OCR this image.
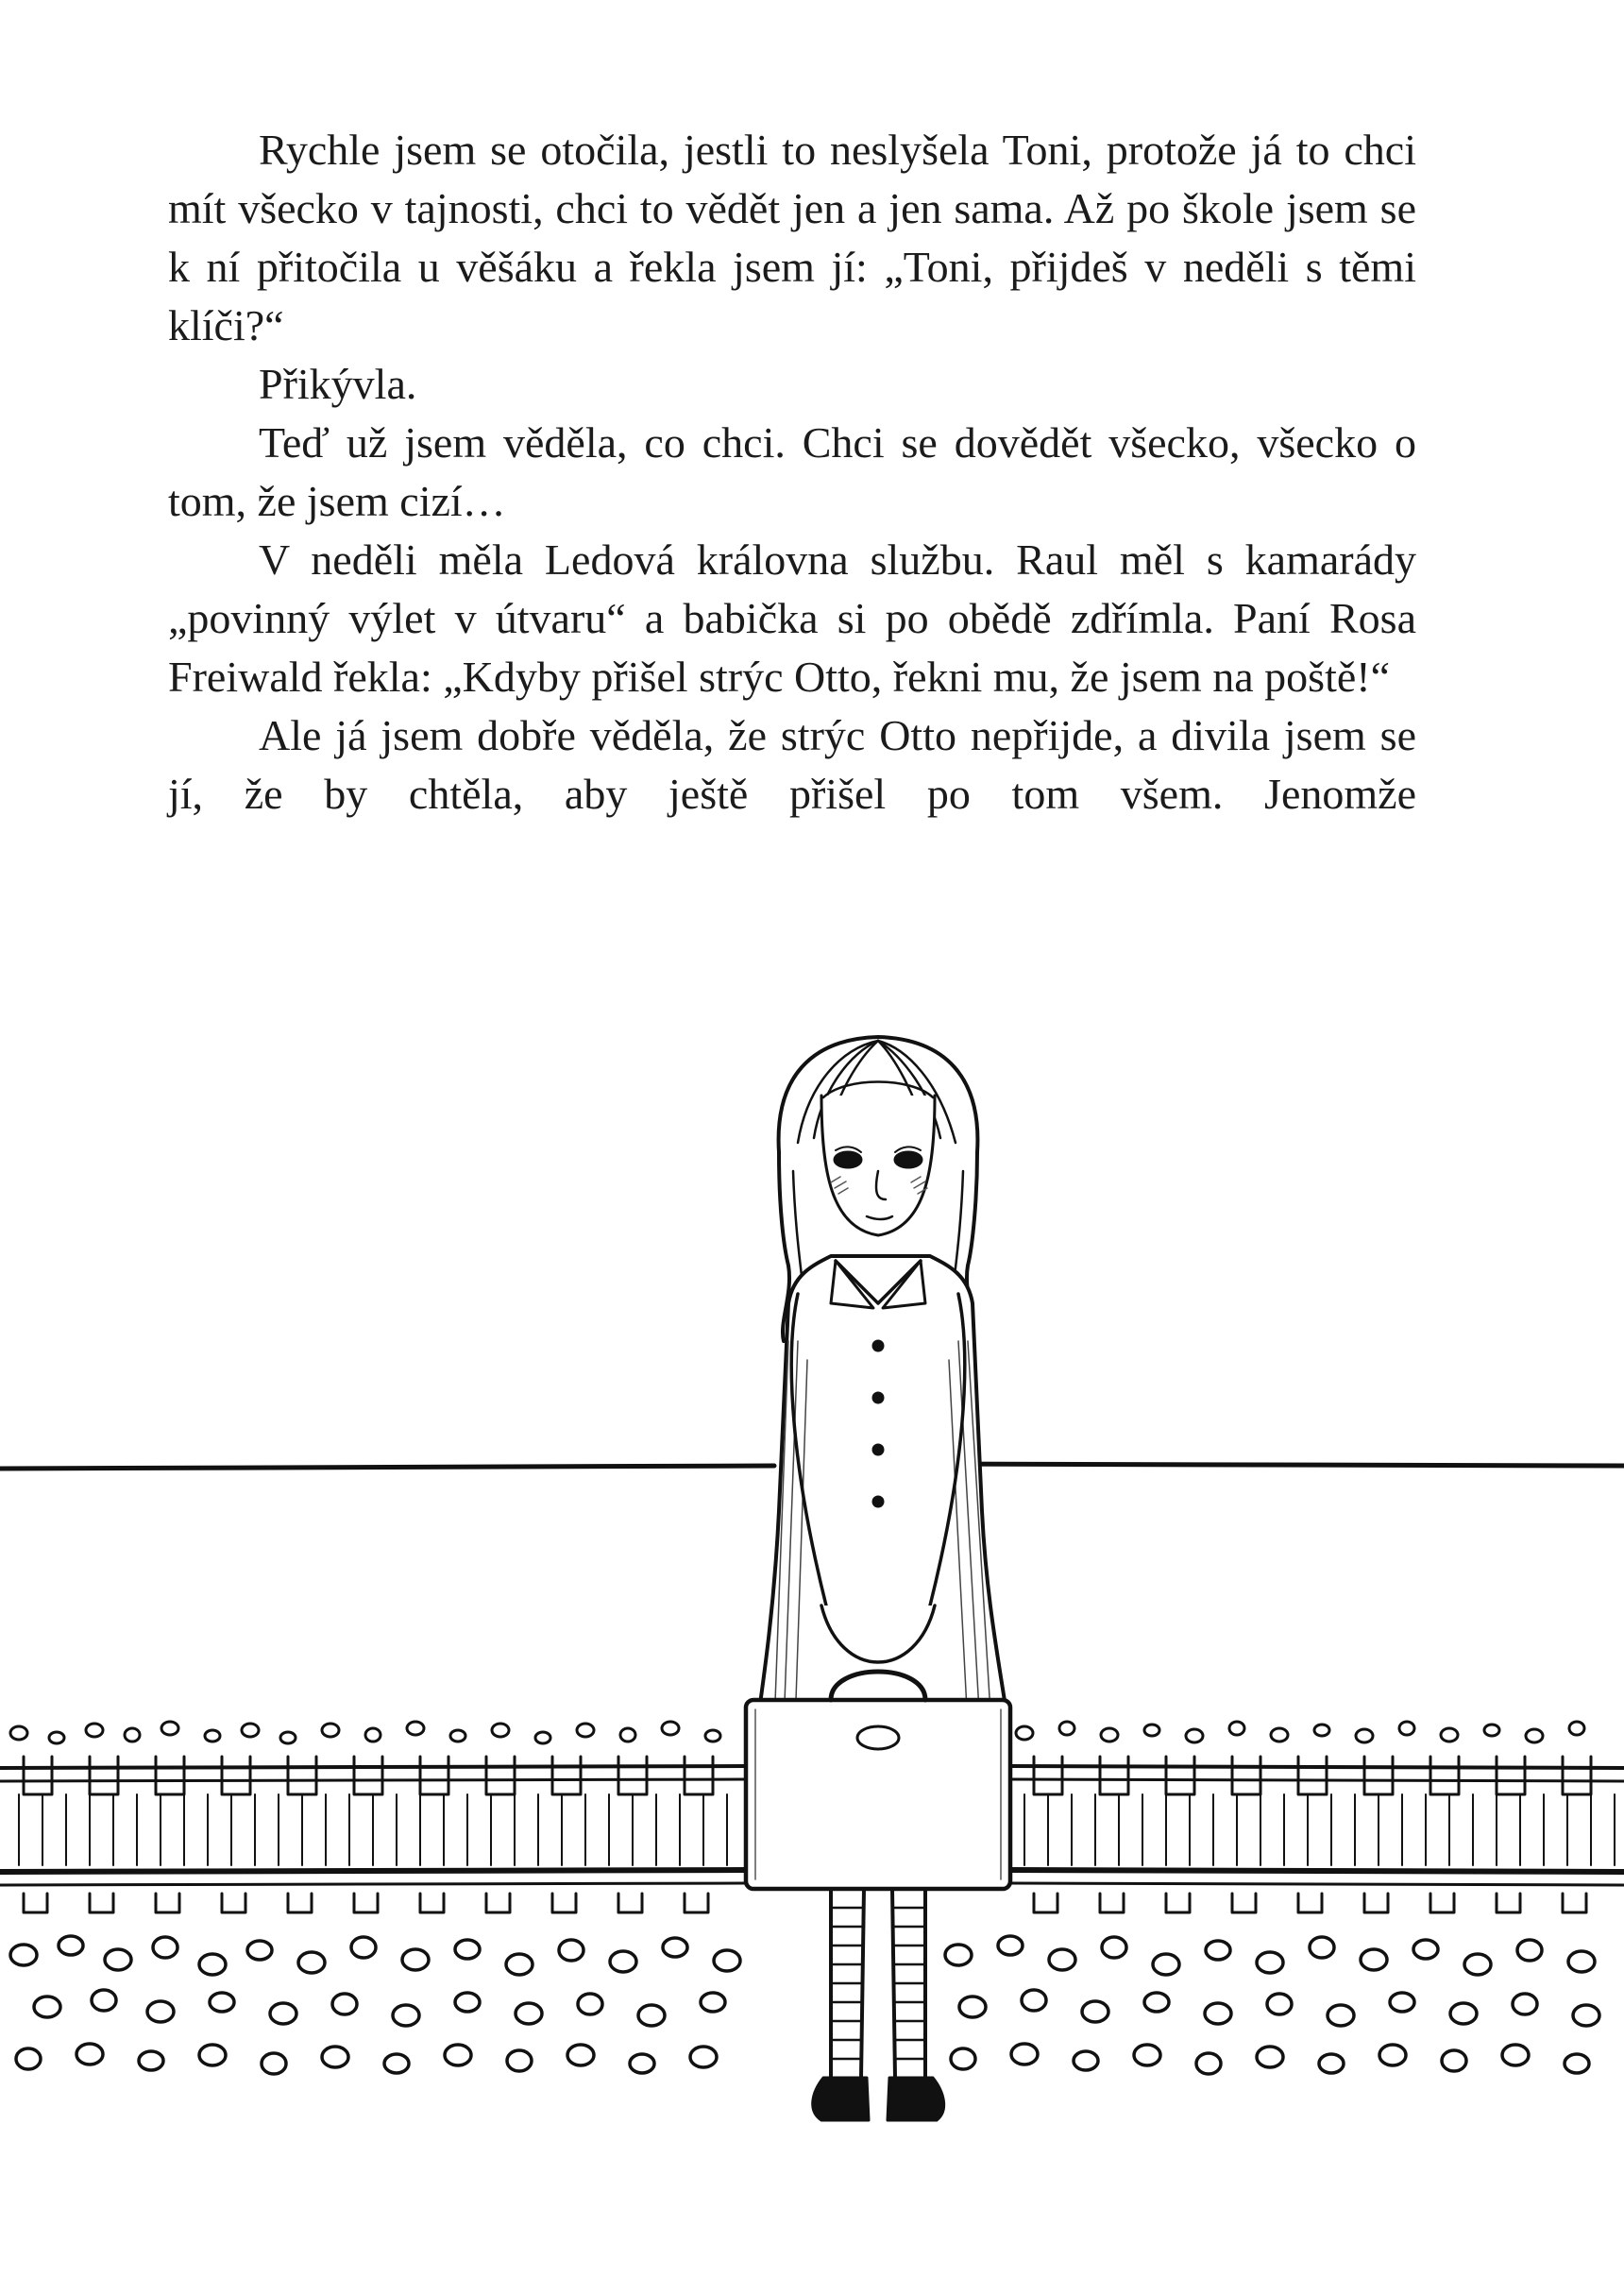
Rychle jsem se otočila, jestli to neslyšela Toni, protože já to chci mít všecko v tajnosti, chci to vědět jen a jen sama. Až po škole jsem se k ní přitočila u věšáku a řekla jsem jí: „Toni, přijdeš v neděli s těmi klíči?“

Přikývla.

Teď už jsem věděla, co chci. Chci se dovědět všecko, všecko o tom, že jsem cizí…

V neděli měla Ledová královna službu. Raul měl s kamarády „povinný výlet v útvaru“ a babička si po obědě zdřímla. Paní Rosa Freiwald řekla: „Kdyby přišel strýc Otto, řekni mu, že jsem na poště!“

Ale já jsem dobře věděla, že strýc Otto nepřijde, a divila jsem se jí, že by chtěla, aby ještě přišel po tom všem. Jenomže
